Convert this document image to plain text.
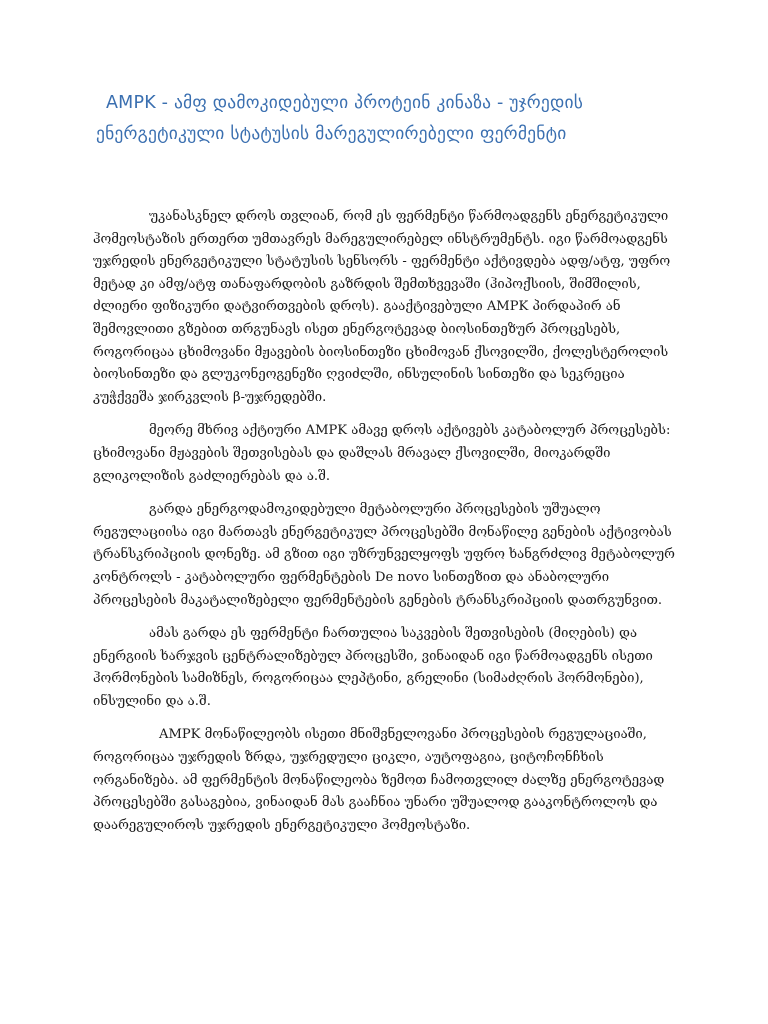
AMPK - ამფ დამოკიდებული პროტეინ კინაზა - უჯრედის ენერგეტიკული სტატუსის მარეგულირებელი ფერმენტი

უკანასკნელ დროს თვლიან, რომ ეს ფერმენტი წარმოადგენს ენერგეტიკული ჰომეოსტაზის ერთერთ უმთავრეს მარეგულირებელ ინსტრუმენტს. იგი წარმოადგენს უჯრედის ენერგეტიკული სტატუსის სენსორს - ფერმენტი აქტივდება ადფ/ატფ, უფრო მეტად კი ამფ/ატფ თანაფარდობის გაზრდის შემთხვევაში (ჰიპოქსიის, შიმშილის, ძლიერი ფიზიკური დატვირთვების დროს). გააქტივებული AMPK პირდაპირ ან შემოვლითი გზებით თრგუნავს ისეთ ენერგოტევად ბიოსინთეზურ პროცესებს, როგორიცაა ცხიმოვანი მჟავების ბიოსინთეზი ცხიმოვან ქსოვილში, ქოლესტეროლის ბიოსინთეზი და გლუკონეოგენეზი ღვიძლში, ინსულინის სინთეზი და სეკრეცია კუჭქვეშა ჯირკვლის β-უჯრედებში.

მეორე მხრივ აქტიური AMPK ამავე დროს აქტივებს კატაბოლურ პროცესებს: ცხიმოვანი მჟავების შეთვისებას და დაშლას მრავალ ქსოვილში, მიოკარდში გლიკოლიზის გაძლიერებას და ა.შ.

გარდა ენერგოდამოკიდებული მეტაბოლური პროცესების უშუალო რეგულაციისა იგი მართავს ენერგეტიკულ პროცესებში მონაწილე გენების აქტივობას ტრანსკრიპციის დონეზე. ამ გზით იგი უზრუნველყოფს უფრო ხანგრძლივ მეტაბოლურ კონტროლს - კატაბოლური ფერმენტების De novo სინთეზით და ანაბოლური პროცესების მაკატალიზებელი ფერმენტების გენების ტრანსკრიპციის დათრგუნვით.

ამას გარდა ეს ფერმენტი ჩართულია საკვების შეთვისების (მიღების) და ენერგიის ხარჯვის ცენტრალიზებულ პროცესში, ვინაიდან იგი წარმოადგენს ისეთი ჰორმონების სამიზნეს, როგორიცაა ლეპტინი, გრელინი (სიმაძღრის ჰორმონები), ინსულინი და ა.შ.

AMPK მონაწილეობს ისეთი მნიშვნელოვანი პროცესების რეგულაციაში, როგორიცაა უჯრედის ზრდა, უჯრედული ციკლი, აუტოფაგია, ციტოჩონჩხის ორგანიზება. ამ ფერმენტის მონაწილეობა ზემოთ ჩამოთვლილ ძალზე ენერგოტევად პროცესებში გასაგებია, ვინაიდან მას გააჩნია უნარი უშუალოდ გააკონტროლოს და დაარეგულიროს უჯრედის ენერგეტიკული ჰომეოსტაზი.
